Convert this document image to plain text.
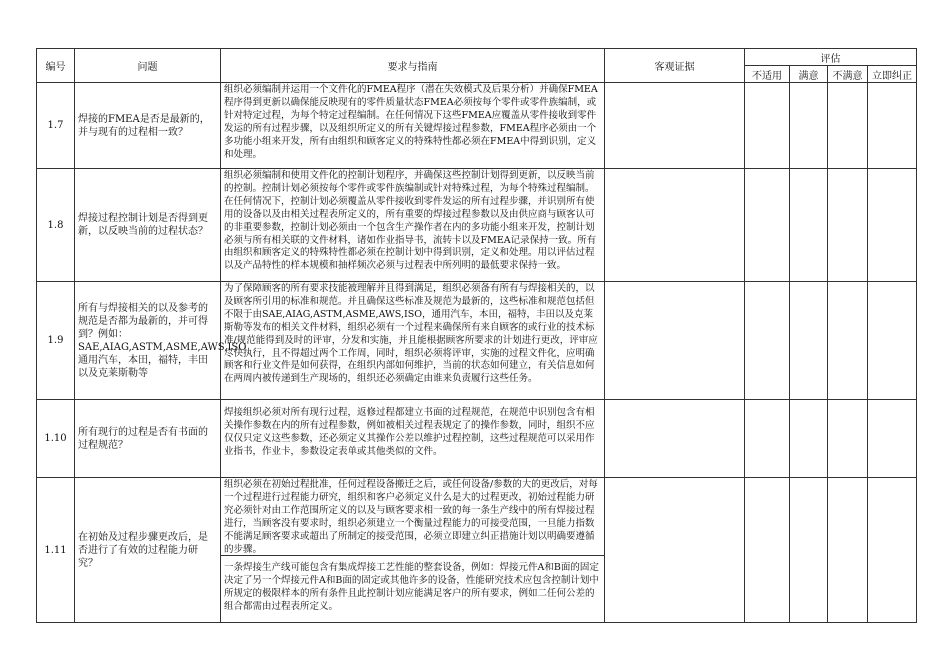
编号	问题	要求与指南	客观证据	评估			
				不适用	满意	不满意	立即纠正
1.7	焊接的FMEA是否是最新的，并与现有的过程相一致？	组织必须编制并运用一个文件化的FMEA程序（潜在失效模式及后果分析）并确保FMEA程序得到更新以确保能反映现有的零件质量状态FMEA必须按每个零件或零件族编制，或针对特定过程，为每个特定过程编制。在任何情况下这些FMEA应覆盖从零件接收到零件发运的所有过程步骤，以及组织所定义的所有关键焊接过程参数，FMEA程序必须由一个多功能小组来开发，所有由组织和顾客定义的特殊特性都必须在FMEA中得到识别，定义和处理。					

1.8	焊接过程控制计划是否得到更新，以反映当前的过程状态？	组织必须编制和使用文件化的控制计划程序，并确保这些控制计划得到更新，以反映当前的控制。控制计划必须按每个零件或零件族编制或针对特殊过程，为每个特殊过程编制。在任何情况下，控制计划必须覆盖从零件接收到零件发运的所有过程步骤，并识别所有使用的设备以及由相关过程表所定义的，所有重要的焊接过程参数以及由供应商与顾客认可的非重要参数，控制计划必须由一个包含生产操作者在内的多功能小组来开发，控制计划必须与所有相关联的文件材料，诸如作业指导书，流转卡以及FMEA记录保持一致。所有由组织和顾客定义的特殊特性都必须在控制计划中得到识别，定义和处理。用以评估过程以及产品特性的样本规模和抽样频次必须与过程表中所列明的最低要求保持一致。					

1.9	所有与焊接相关的以及参考的规范是否都为最新的，并可得到？例如：SAE,AIAG,ASTM,ASME,AWS,ISO通用汽车，本田，福特，丰田以及克莱斯勒等	为了保障顾客的所有要求技能被理解并且得到满足，组织必须备有所有与焊接相关的，以及顾客所引用的标准和规范。并且确保这些标准及规范为最新的，这些标准和规范包括但不限于由SAE,AIAG,ASTM,ASME,AWS,ISO，通用汽车，本田，福特，丰田以及克莱斯勒等发布的相关文件材料，组织必须有一个过程来确保所有来自顾客的或行业的技术标准/规范能得到及时的评审，分发和实施，并且能根据顾客所要求的计划进行更改，评审应尽快执行，且不得超过两个工作周，同时，组织必须将评审，实施的过程文件化，应明确顾客和行业文件是如何获得，在组织内部如何维护，当前的状态如何建立，有关信息如何在两周内被传递到生产现场的，组织还必须确定由谁来负责履行这些任务。					

1.10	所有现行的过程是否有书面的过程规范？	焊接组织必须对所有现行过程，返修过程都建立书面的过程规范，在规范中识别包含有相关操作参数在内的所有过程参数，例如被相关过程表规定了的操作参数，同时，组织不应仅仅只定义这些参数，还必须定义其操作公差以维护过程控制，这些过程规范可以采用作业指书，作业卡，参数设定表单或其他类似的文件。					

1.11	在初始及过程步骤更改后，是否进行了有效的过程能力研究？	组织必须在初始过程批准，任何过程设备搬迁之后，或任何设备/参数的大的更改后，对每一个过程进行过程能力研究，组织和客户必须定义什么是大的过程更改，初始过程能力研究必须针对由工作范围所定义的以及与顾客要求相一致的每一条生产线中的所有焊接过程进行，当顾客没有要求时，组织必须建立一个衡量过程能力的可接受范围，一旦能力指数不能满足顾客要求或超出了所制定的接受范围，必须立即建立纠正措施计划以明确要遵循的步骤。
一条焊接生产线可能包含有集成焊接工艺性能的整套设备，例如：焊接元件A和B面的固定决定了另一个焊接元件A和B面的固定或其他许多的设备，性能研究技术应包含控制计划中所规定的极限样本的所有条件且此控制计划应能满足客户的所有要求，例如二任何公差的组合都需由过程表所定义。					
